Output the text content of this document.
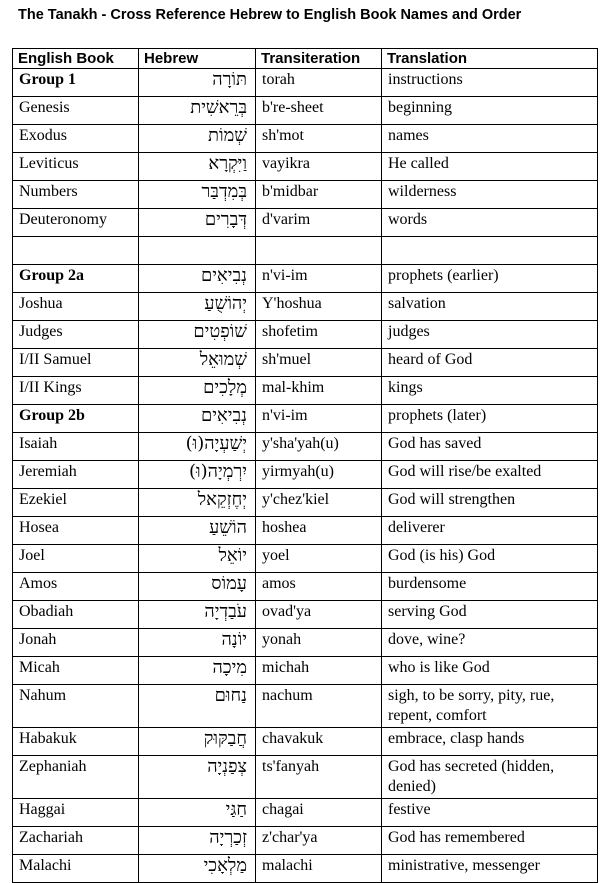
The Tanakh - Cross Reference Hebrew to English Book Names and Order
English Book	Hebrew	Transiteration	Translation
Group 1	תּוֹרָה	torah	instructions
Genesis	בְּרֵאשִׁית	b're-sheet	beginning
Exodus	שְׁמוֹת	sh'mot	names
Leviticus	וַיִּקְרָא	vayikra	He called
Numbers	בְּמִדְבַּר	b'midbar	wilderness
Deuteronomy	דְּבָרִים	d'varim	words

Group 2a	נְבִיאִים	n'vi-im	prophets (earlier)
Joshua	יְהוֹשֻׁעַ	Y'hoshua	salvation
Judges	שׁוֹפְטִים	shofetim	judges
I/II Samuel	שְׁמוּאֵל	sh'muel	heard of God
I/II Kings	מְלָכִים	mal-khim	kings
Group 2b	נְבִיאִים	n'vi-im	prophets (later)
Isaiah	יְשַׁעְיָה(וּ)	y'sha'yah(u)	God has saved
Jeremiah	יִרְמְיָה(וּ)	yirmyah(u)	God will rise/be exalted
Ezekiel	יְחֶזְקֵאל	y'chez'kiel	God will strengthen
Hosea	הוֹשֵׁעַ	hoshea	deliverer
Joel	יוֹאֵל	yoel	God (is his) God
Amos	עָמוֹס	amos	burdensome
Obadiah	עֹבַדְיָה	ovad'ya	serving God
Jonah	יוֹנָה	yonah	dove, wine?
Micah	מִיכָה	michah	who is like God
Nahum	נַחוּם	nachum	sigh, to be sorry, pity, rue, repent, comfort
Habakuk	חֲבַקּוּק	chavakuk	embrace, clasp hands
Zephaniah	צְפַנְיָה	ts'fanyah	God has secreted (hidden, denied)
Haggai	חַגַּי	chagai	festive
Zachariah	זְכַרְיָה	z'char'ya	God has remembered
Malachi	מַלְאָכִי	malachi	ministrative, messenger
